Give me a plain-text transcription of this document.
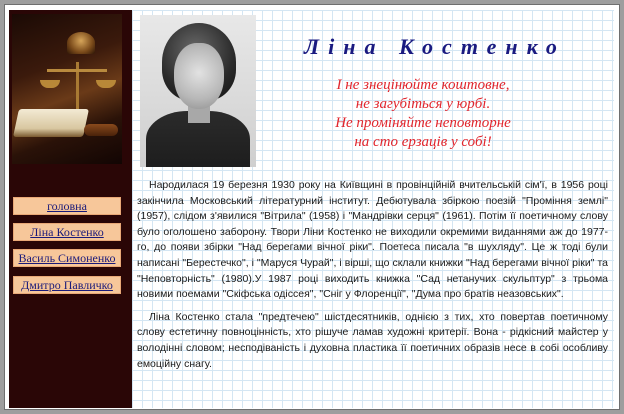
головна
Ліна Костенко
Василь Симоненко
Дмитро Павличко
Ліна Костенко
І не знецінюйте коштовне,
не загубіться у юрбі.
Не проміняйте неповторне
на сто ерзаців у собі!

Народилася 19 березня 1930 року на Київщині в провінційній вчительській сім'ї, в 1956 році закінчила Московський літературний інститут. Дебютувала збіркою поезій "Проміння землі" (1957), слідом з'явилися "Вітрила" (1958) і "Мандрівки серця" (1961). Потім її поетичному слову було оголошено заборону. Твори Ліни Костенко не виходили окремими виданнями аж до 1977-го, до появи збірки "Над берегами вічної ріки". Поетеса писала "в шухляду". Це ж тоді були написані "Берестечко", і "Маруся Чурай", і вірші, що склали книжки "Над берегами вічної ріки" та "Неповторність" (1980).У 1987 році виходить книжка "Сад нетанучих скульптур" з трьома новими поемами "Скіфська одіссея", "Сніг у Флоренції", "Дума про братів неазовських".

Ліна Костенко стала "предтечею" шістдесятників, однією з тих, хто повертав поетичному слову естетичну повноцінність, хто рішуче ламав художні критерії. Вона - рідкісний майстер у володінні словом; несподіваність і духовна пластика її поетичних образів несе в собі особливу емоційну снагу.
